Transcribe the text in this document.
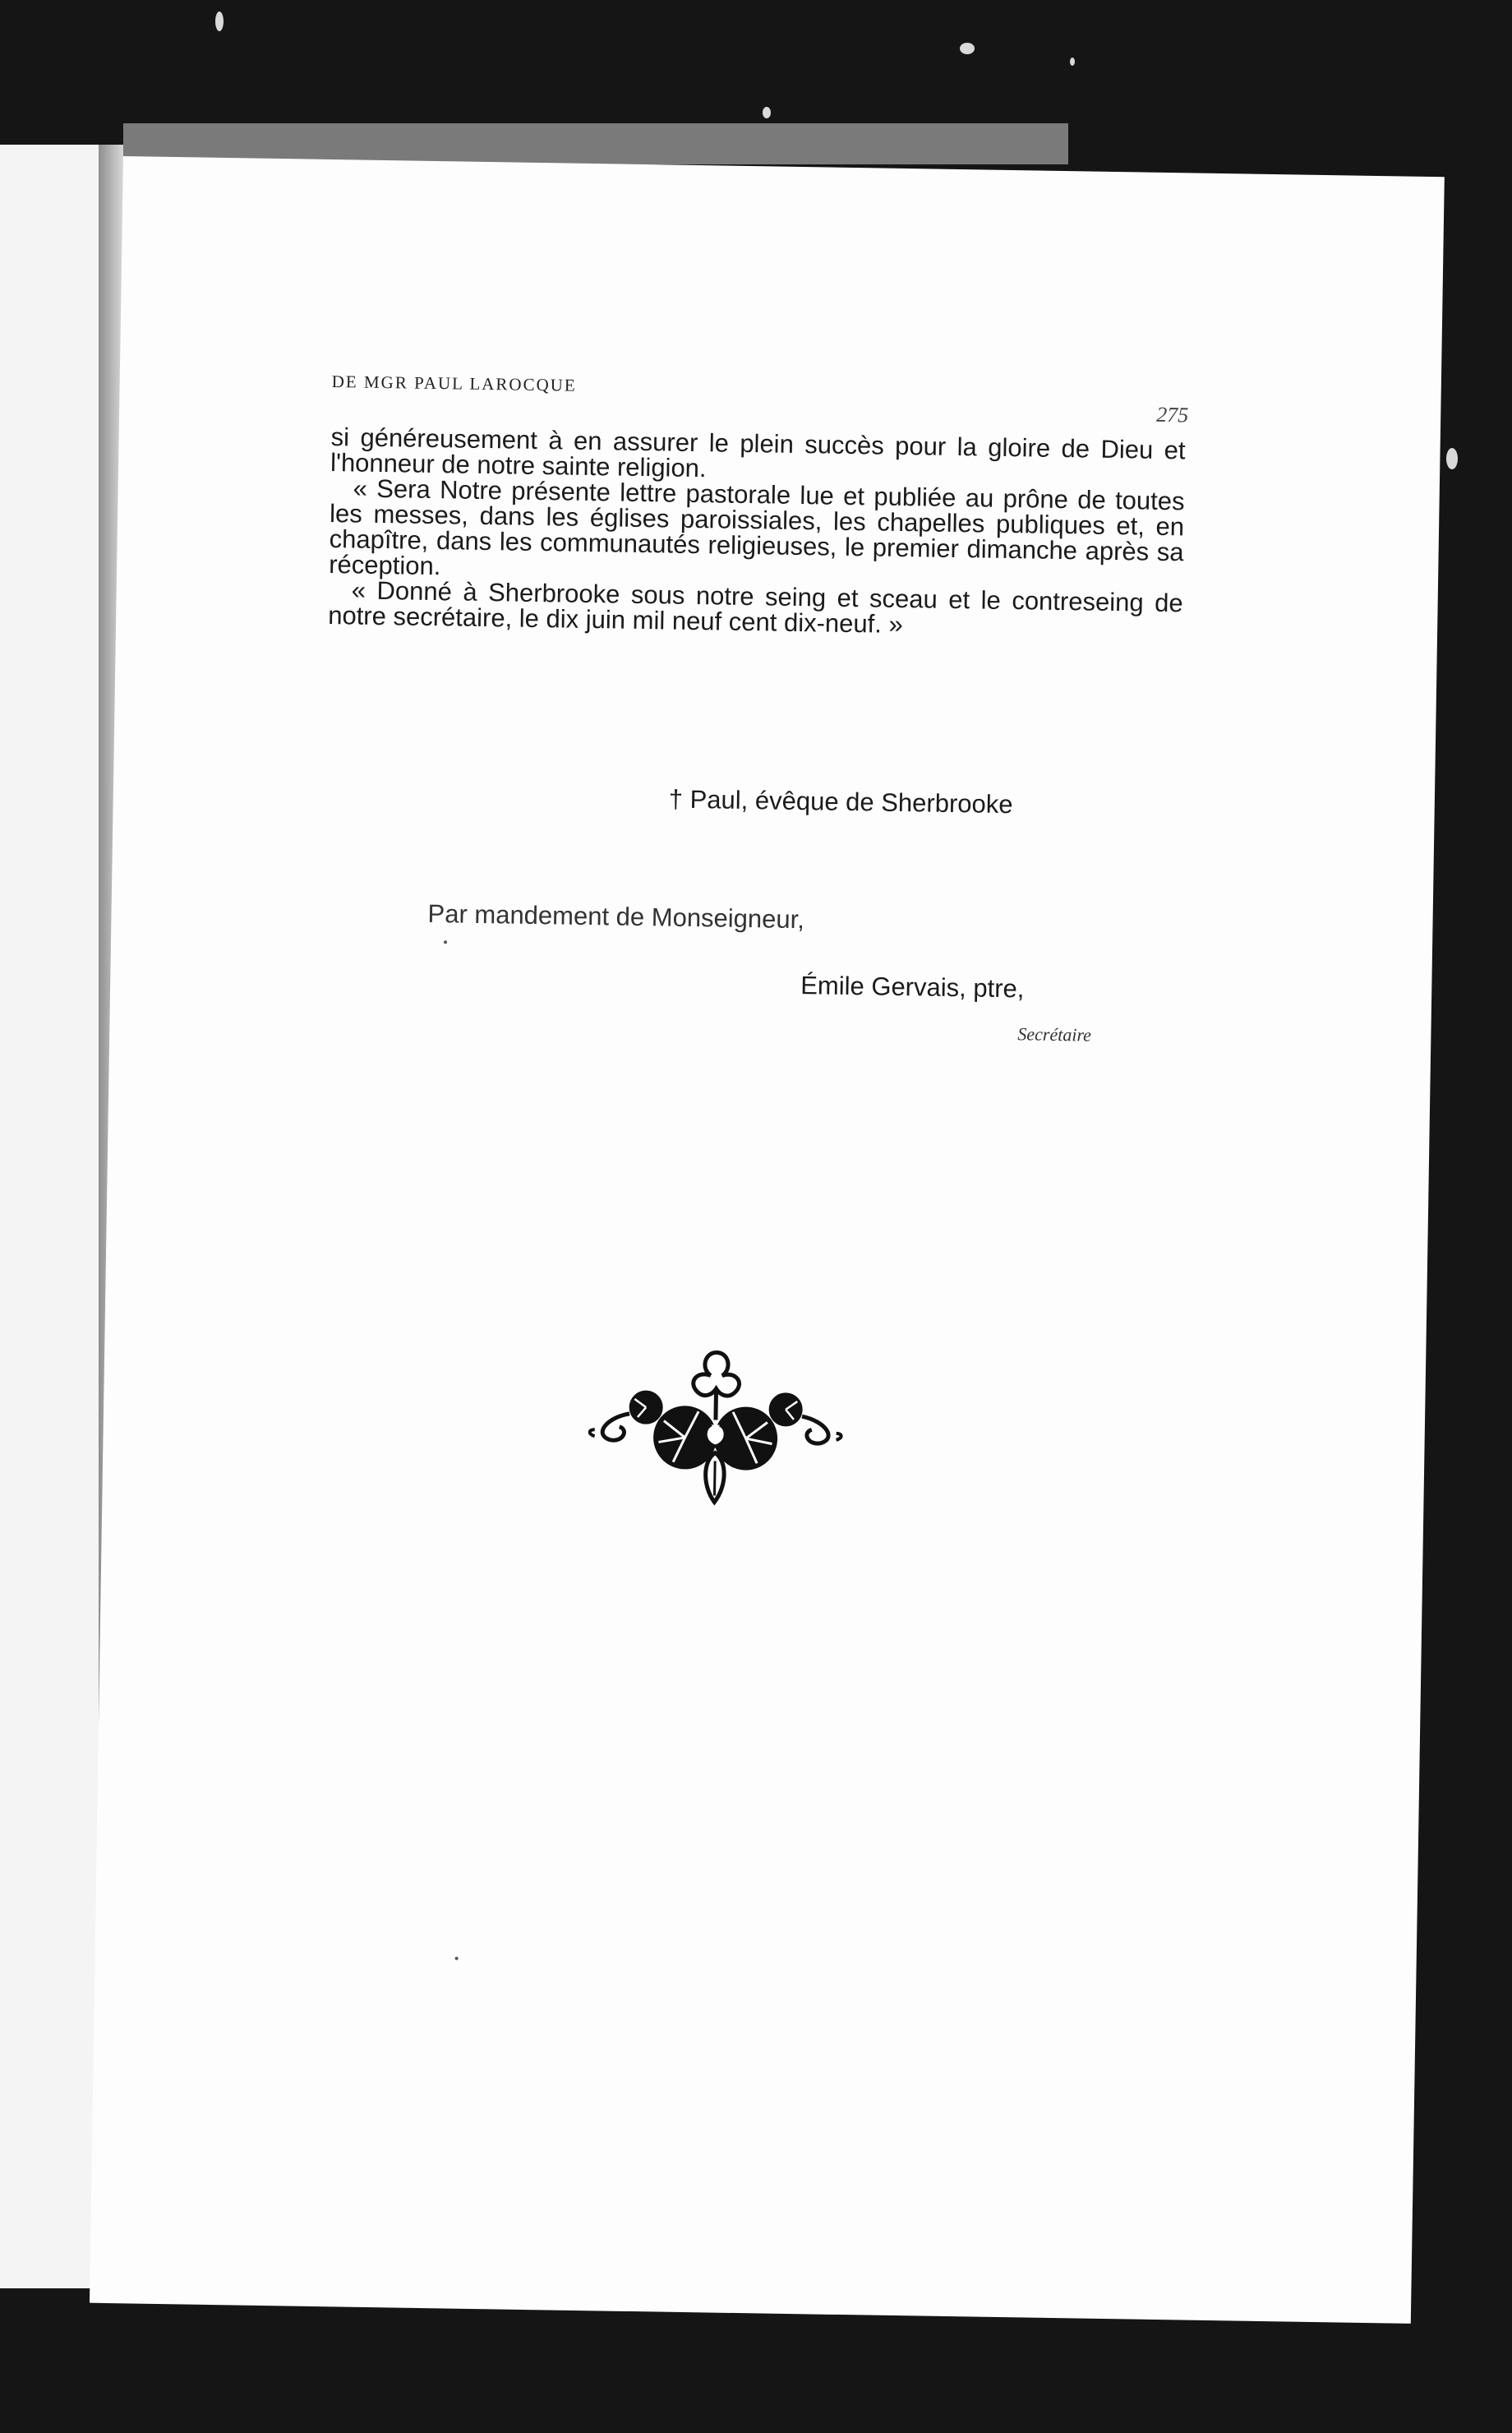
DE MGR PAUL LAROCQUE
275

si généreusement à en assurer le plein succès pour la gloire de Dieu et l'honneur de notre sainte religion.

« Sera Notre présente lettre pastorale lue et publiée au prône de toutes les messes, dans les églises paroissiales, les chapelles publiques et, en chapître, dans les communautés religieuses, le premier dimanche après sa réception.

« Donné à Sherbrooke sous notre seing et sceau et le contreseing de notre secrétaire, le dix juin mil neuf cent dix-neuf. »

† Paul, évêque de Sherbrooke
Par mandement de Monseigneur,
Émile Gervais, ptre,
Secrétaire
